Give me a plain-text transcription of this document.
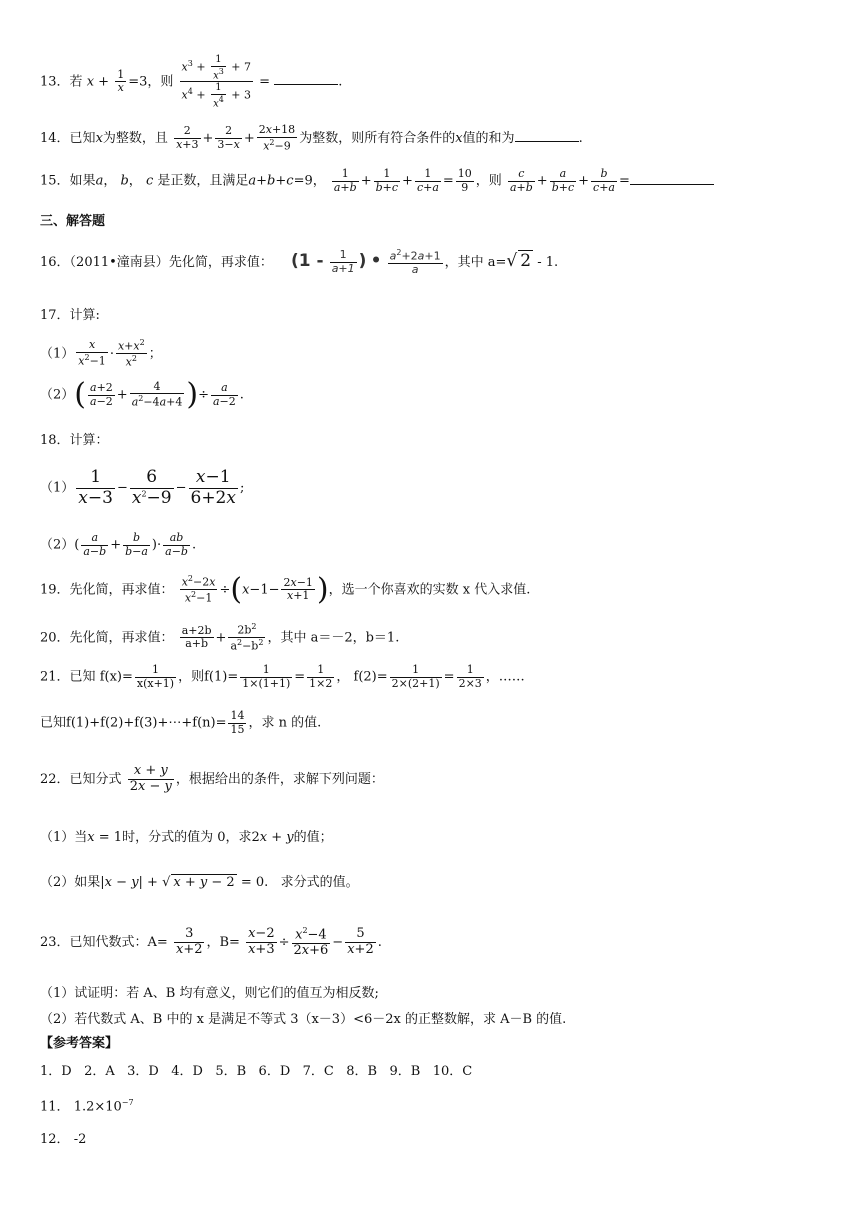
13．若 $x + \frac{1}{x} =3$，则 $\frac{x^3 + \frac{1}{x^3} + 7}{x^4 + \frac{1}{x^4} + 3}$ =	.
14．已知x为整数，且 $\frac{2}{x+3} + \frac{2}{3-x} + \frac{2x+18}{x^2-9}$ 为整数，则所有符合条件的x值的和为	.
15．如果a， b， c 是正数，且满足a+b+c=9， $\frac{1}{a+b} + \frac{1}{b+c} + \frac{1}{c+a} = \frac{10}{9}$ ，则 $\frac{c}{a+b} + \frac{a}{b+c} + \frac{b}{c+a}$ =
三、解答题
16．（2011•潼南县）先化简，再求值： ($1 - \frac{1}{a+1}$ ) • $\frac{a^2+2a+1}{a}$ ，其中 a=√ 2 - 1.
17．计算:
$(1) \frac{x}{x^2-1} \cdot \frac{x+x^2}{x^2}$ ；
$(2)( \frac{a+2}{a-2} + \frac{4}{a^2-4a+4}$ )÷ $\frac{a}{a-2}$ .
18．计算：
$(1) \frac{1}{x-3} - \frac{6}{x^2-9} - \frac{x-1}{6+2x}$ ;
$(2)( \frac{a}{a-b} + \frac{b}{b-a}$ )· $\frac{ab}{a-b}$ .
19．先化简，再求值： $\frac{x^2-2x}{x^2-1} \div(x-1- \frac{2x-1}{x+1}$ )，选一个你喜欢的实数 x 代入求值.
20．先化简，再求值： $\frac{a+2b}{a+b} + \frac{2b^2}{a^2-b^2}$ ，其中 a＝－2，b＝1.
21．已知 $f(x)= \frac{1}{x(x+1)}$ ，则$f(1)= \frac{1}{1\times(1+1)} = \frac{1}{1\times 2}$ ， $f(2)= \frac{1}{2\times(2+1)} = \frac{1}{2\times 3}$ ，……
已知f(1)+f(2)+f(3)+⋯+f(n)= $\frac{14}{15}$ ，求 n 的值.
22．已知分式 $\frac{x + y}{2x - y}$ ，根据给出的条件，求解下列问题：
（1）当x = 1时，分式的值为 0，求2x + y的值；
（2）如果|x − y| + √ x + y − 2 = 0.   求分式的值。
23．已知代数式：$A= \frac{3}{x+2}$ ，$B= \frac{x-2}{x+3} \div \frac{x^2-4}{2x+6} - \frac{5}{x+2}$ .
（1）试证明：若 A、B 均有意义，则它们的值互为相反数;
（2）若代数式 A、B 中的 x 是满足不等式 3（x－3）<6－2x 的正整数解，求 A－B 的值.
【参考答案】
1．D   2．A   3．D   4．D   5．B   6．D   7．C   8．B   9．B   10．C
11． $1.2\times 10^{-7}$
12． -2
